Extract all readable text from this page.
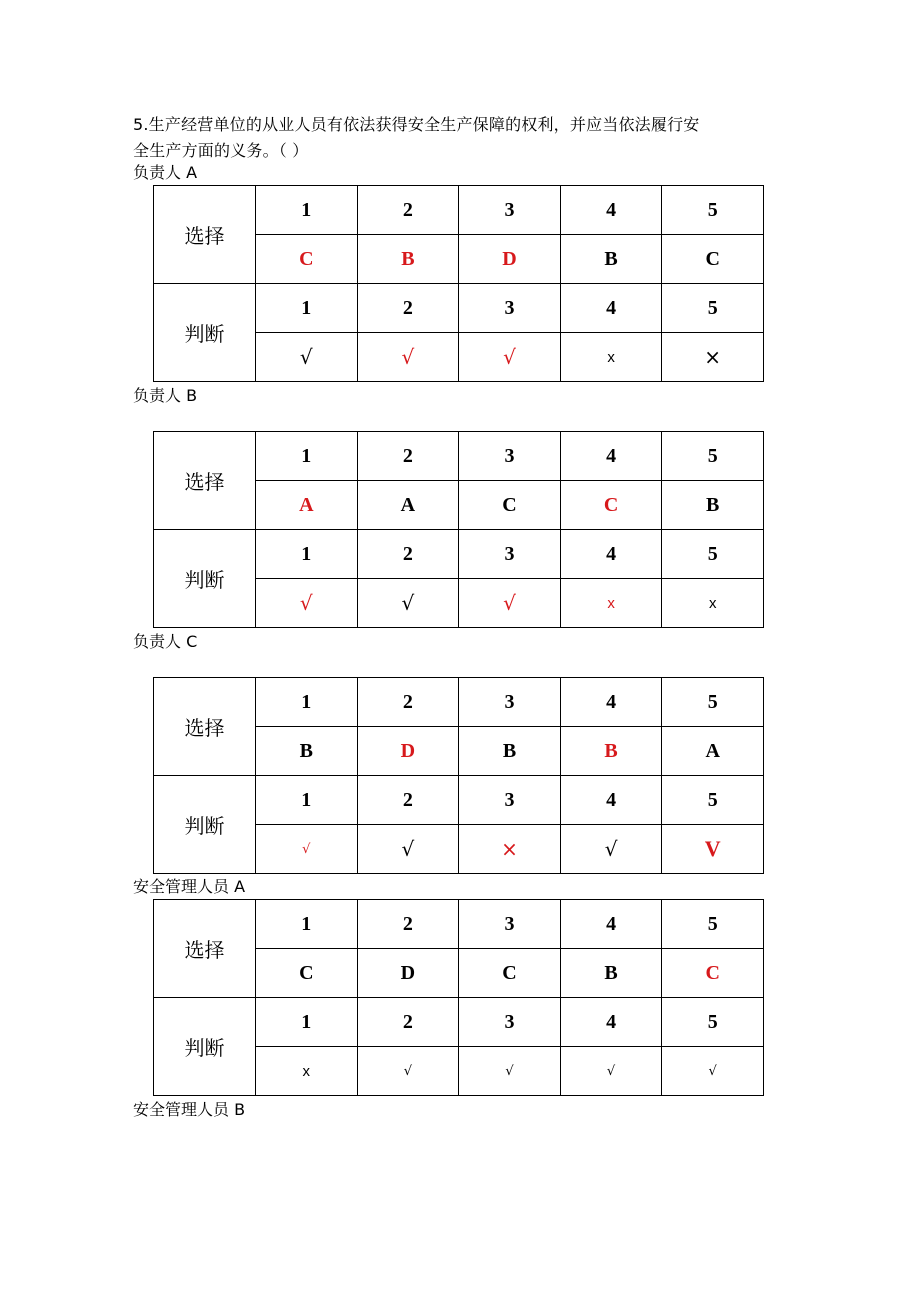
5.生产经营单位的从业人员有依法获得安全生产保障的权利，并应当依法履行安

全生产方面的义务。（ ）

负责人 A

选择	1	2	3	4	5
	C	B	D	B	C
判断	1	2	3	4	5
	√	√	√	x	×

负责人 B

选择	1	2	3	4	5
	A	A	C	C	B
判断	1	2	3	4	5
	√	√	√	x	x

负责人 C

选择	1	2	3	4	5
	B	D	B	B	A
判断	1	2	3	4	5
	√	√	×	√	V

安全管理人员 A

选择	1	2	3	4	5
	C	D	C	B	C
判断	1	2	3	4	5
	x	√	√	√	√

安全管理人员 B
